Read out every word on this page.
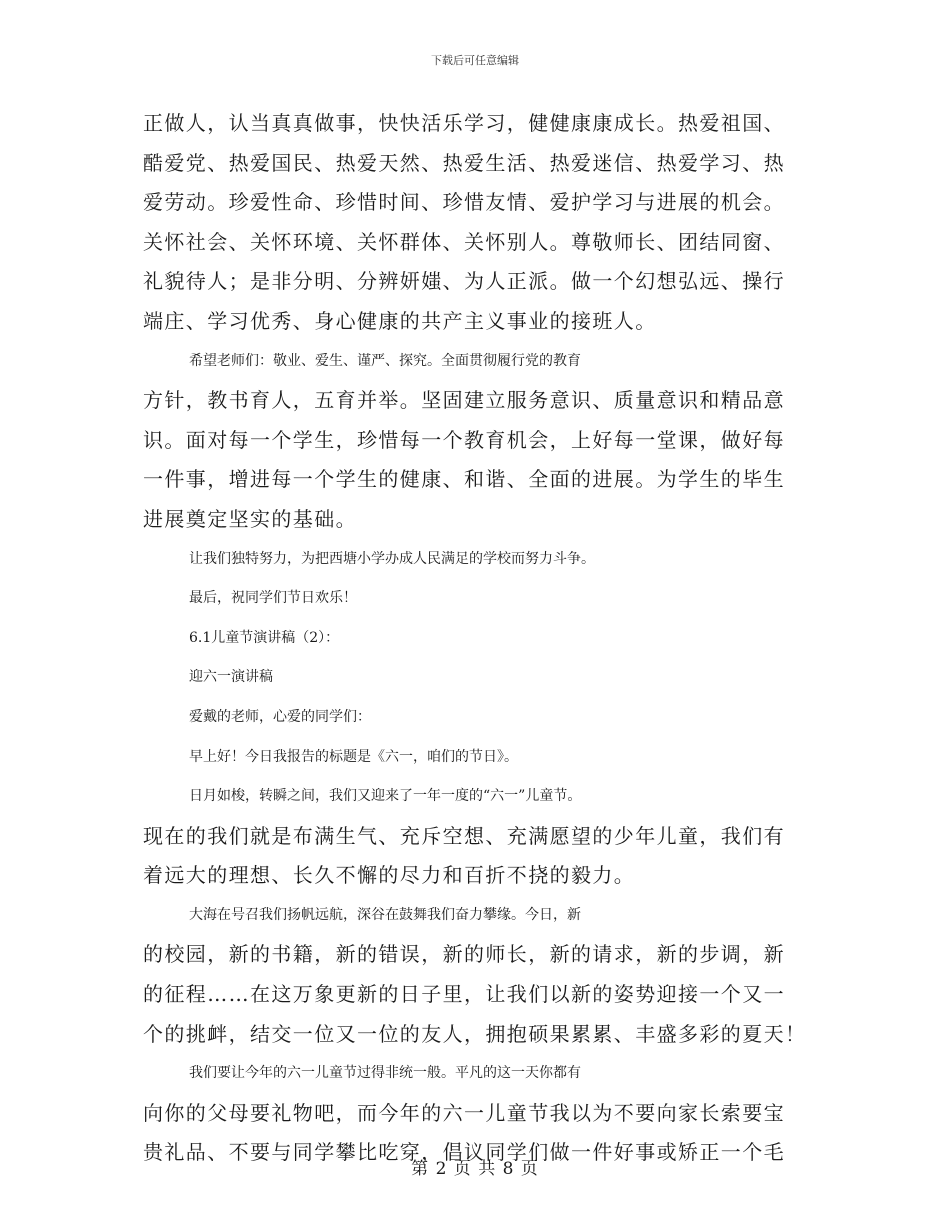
下载后可任意编辑
正做人，认当真真做事，快快活乐学习，健健康康成长。热爱祖国、
酷爱党、热爱国民、热爱天然、热爱生活、热爱迷信、热爱学习、热
爱劳动。珍爱性命、珍惜时间、珍惜友情、爱护学习与进展的机会。
关怀社会、关怀环境、关怀群体、关怀别人。尊敬师长、团结同窗、
礼貌待人；是非分明、分辨妍媸、为人正派。做一个幻想弘远、操行
端庄、学习优秀、身心健康的共产主义事业的接班人。
希望老师们：敬业、爱生、谨严、探究。全面贯彻履行党的教育
方针，教书育人，五育并举。坚固建立服务意识、质量意识和精品意
识。面对每一个学生，珍惜每一个教育机会，上好每一堂课，做好每
一件事，增进每一个学生的健康、和谐、全面的进展。为学生的毕生
进展奠定坚实的基础。
让我们独特努力，为把西塘小学办成人民满足的学校而努力斗争。
最后，祝同学们节日欢乐！
6.1儿童节演讲稿（2）：
迎六一演讲稿
爱戴的老师，心爱的同学们：
早上好！今日我报告的标题是《六一，咱们的节日》。
日月如梭，转瞬之间，我们又迎来了一年一度的“六一”儿童节。
现在的我们就是布满生气、充斥空想、充满愿望的少年儿童，我们有
着远大的理想、长久不懈的尽力和百折不挠的毅力。
大海在号召我们扬帆远航，深谷在鼓舞我们奋力攀缘。今日，新
的校园，新的书籍，新的错误，新的师长，新的请求，新的步调，新
的征程……在这万象更新的日子里，让我们以新的姿势迎接一个又一
个的挑衅，结交一位又一位的友人，拥抱硕果累累、丰盛多彩的夏天！
我们要让今年的六一儿童节过得非统一般。平凡的这一天你都有
向你的父母要礼物吧，而今年的六一儿童节我以为不要向家长索要宝
贵礼品、不要与同学攀比吃穿，倡议同学们做一件好事或矫正一个毛
第 2 页 共 8 页
